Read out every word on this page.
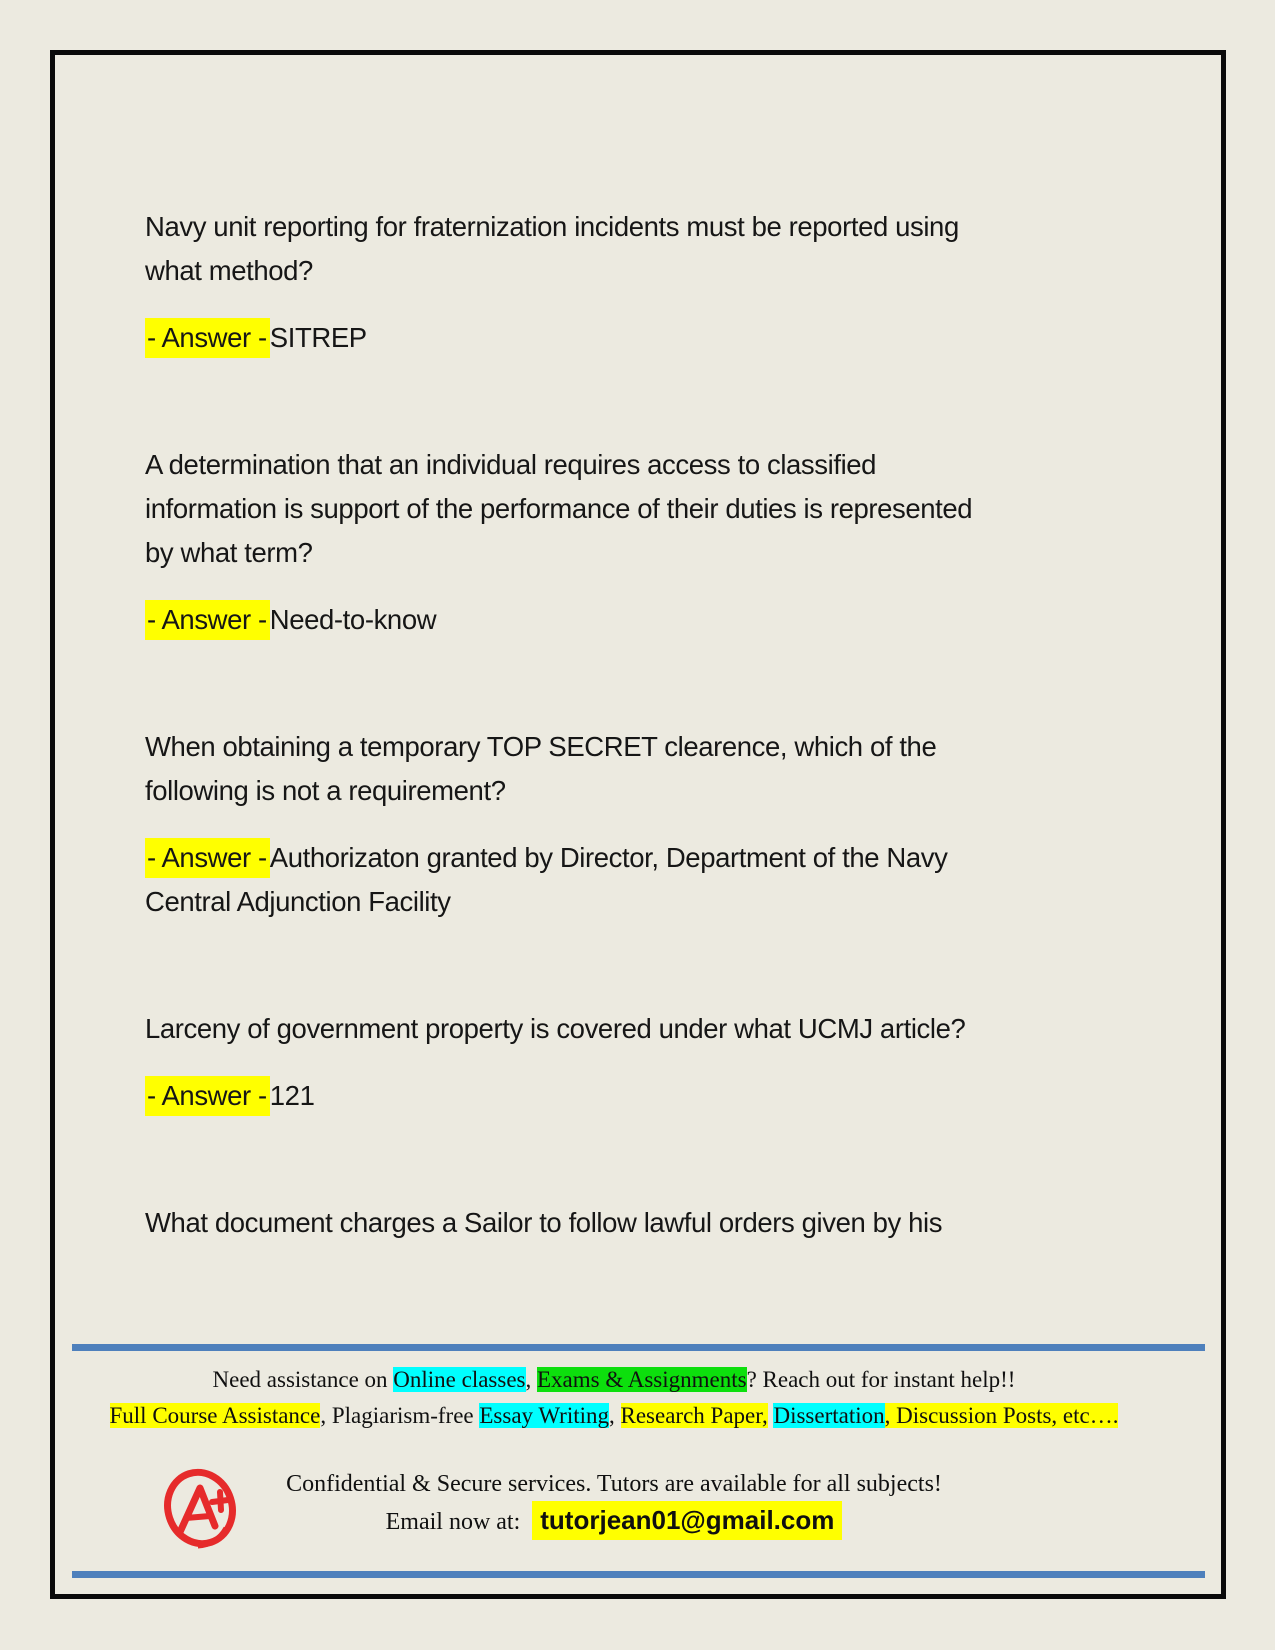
Navy unit reporting for fraternization incidents must be reported using
what method?
- Answer - SITREP
A determination that an individual requires access to classified
information is support of the performance of their duties is represented
by what term?
- Answer - Need-to-know
When obtaining a temporary TOP SECRET clearence, which of the
following is not a requirement?
- Answer - Authorizaton granted by Director, Department of the Navy
Central Adjunction Facility
Larceny of government property is covered under what UCMJ article?
- Answer - 121
What document charges a Sailor to follow lawful orders given by his
Need assistance on Online classes, Exams & Assignments? Reach out for instant help!!
Full Course Assistance, Plagiarism-free Essay Writing, Research Paper, Dissertation, Discussion Posts, etc….
Confidential & Secure services. Tutors are available for all subjects!
Email now at: tutorjean01@gmail.com
